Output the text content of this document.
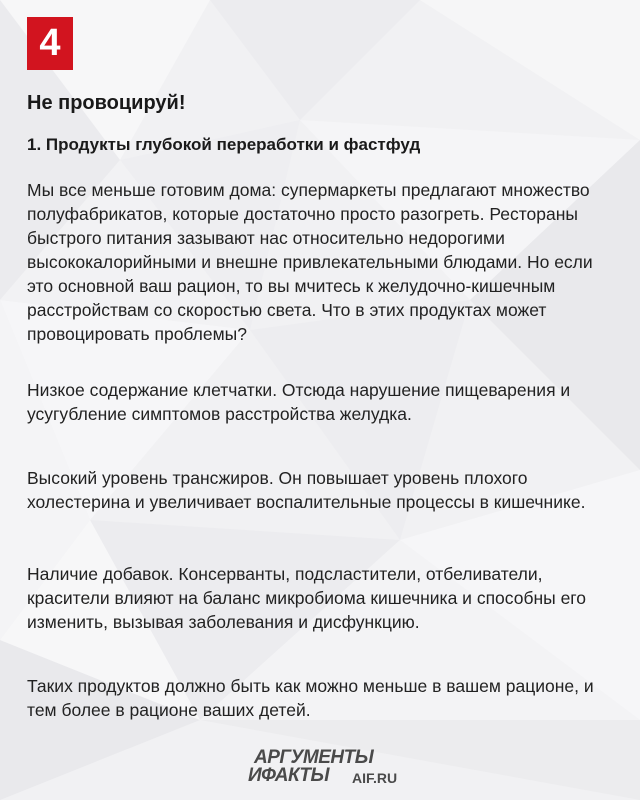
4
Не провоцируй!
1. Продукты глубокой переработки и фастфуд

Мы все меньше готовим дома: супермаркеты предлагают множество полуфабрикатов, которые достаточно просто разогреть. Рестораны быстрого питания зазывают нас относительно недорогими высококалорийными и внешне привлекательными блюдами. Но если это основной ваш рацион, то вы мчитесь к желудочно-кишечным расстройствам со скоростью света. Что в этих продуктах может провоцировать проблемы?

Низкое содержание клетчатки. Отсюда нарушение пищеварения и усугубление симптомов расстройства желудка.

Высокий уровень трансжиров. Он повышает уровень плохого холестерина и увеличивает воспалительные процессы в кишечнике.

Наличие добавок. Консерванты, подсластители, отбеливатели, красители влияют на баланс микробиома кишечника и способны его изменить, вызывая заболевания и дисфункцию.

Таких продуктов должно быть как можно меньше в вашем рационе, и тем более в рационе ваших детей.

АРГУМЕНТЫ
ИФАКТЫ AIF.RU
